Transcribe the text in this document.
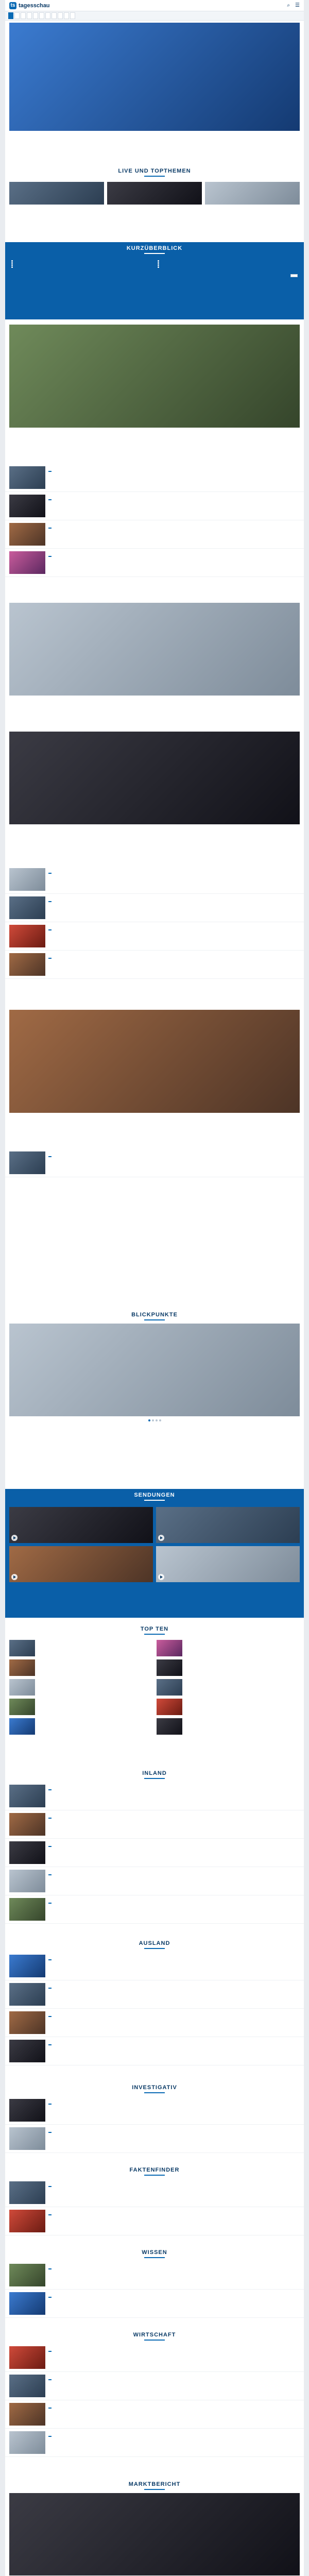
ts tagesschau	⌕ ☰
LIVE UND TOPTHEMEN
KURZÜBERBLICK
BLICKPUNKTE
SENDUNGEN
TOP TEN
INLAND
AUSLAND
INVESTIGATIV
FAKTENFINDER
WISSEN
WIRTSCHAFT
MARKTBERICHT
